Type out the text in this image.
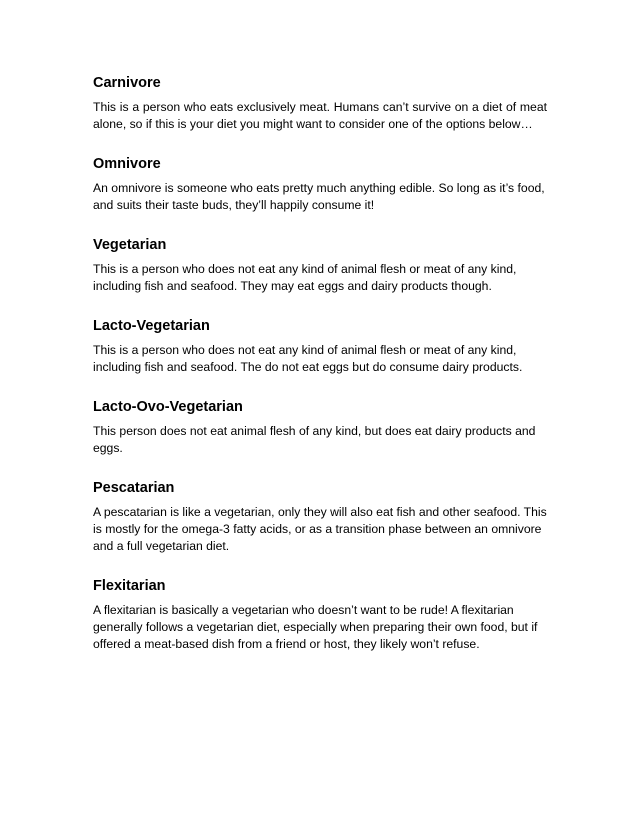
Carnivore

This is a person who eats exclusively meat. Humans can’t survive on a diet of meat alone, so if this is your diet you might want to consider one of the options below…

Omnivore

An omnivore is someone who eats pretty much anything edible. So long as it’s food, and suits their taste buds, they’ll happily consume it!

Vegetarian

This is a person who does not eat any kind of animal flesh or meat of any kind, including fish and seafood. They may eat eggs and dairy products though.

Lacto-Vegetarian

This is a person who does not eat any kind of animal flesh or meat of any kind, including fish and seafood. The do not eat eggs but do consume dairy products.

Lacto-Ovo-Vegetarian

This person does not eat animal flesh of any kind, but does eat dairy products and eggs.

Pescatarian

A pescatarian is like a vegetarian, only they will also eat fish and other seafood. This is mostly for the omega-3 fatty acids, or as a transition phase between an omnivore and a full vegetarian diet.

Flexitarian

A flexitarian is basically a vegetarian who doesn’t want to be rude! A flexitarian generally follows a vegetarian diet, especially when preparing their own food, but if offered a meat-based dish from a friend or host, they likely won’t refuse.
